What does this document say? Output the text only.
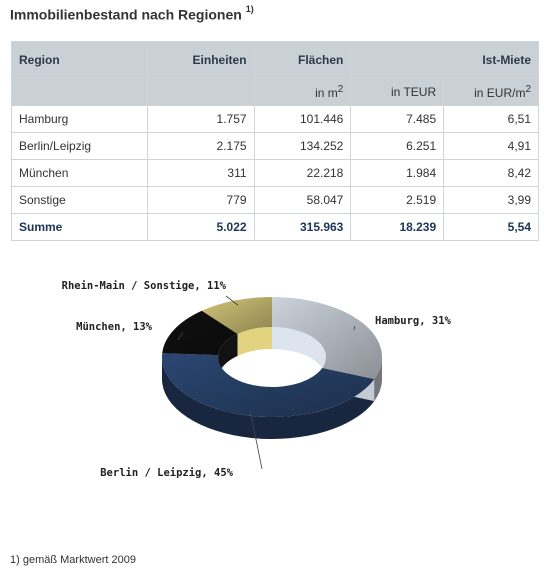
Immobilienbestand nach Regionen $^{1)}$
Region	Einheiten	Flächen	Ist-Miete	
		in $m^2$	in TEUR	in EUR/$m^2$
Hamburg	1.757	101.446	7.485	6,51
Berlin/Leipzig	2.175	134.252	6.251	4,91
München	311	22.218	1.984	8,42
Sonstige	779	58.047	2.519	3,99
Summe	5.022	315.963	18.239	5,54
Hamburg, 31%
Berlin / Leipzig, 45%
München, 13%
Rhein-Main / Sonstige, 11%
1) gemäß Marktwert 2009
